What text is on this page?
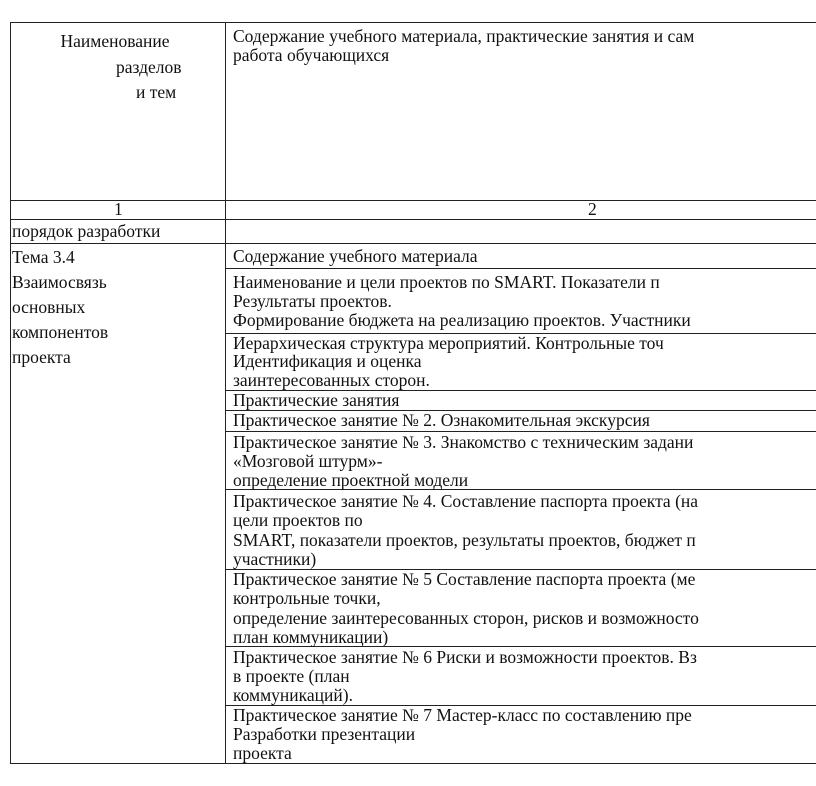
Наименование
разделов
и тем
Содержание учебного материала, практические занятия и сам
работа обучающихся
1	2
порядок разработки
Тема 3.4
Взаимосвязь
основных
компонентов
проекта
Содержание учебного материала
Наименование и цели проектов по SMART. Показатели п
Результаты проектов.
Формирование бюджета на реализацию проектов. Участники
Иерархическая структура мероприятий. Контрольные точ
Идентификация и оценка
заинтересованных сторон.
Практические занятия
Практическое занятие № 2. Ознакомительная экскурсия
Практическое занятие № 3. Знакомство с техническим задани
«Мозговой штурм»-
определение проектной модели
Практическое занятие № 4. Составление паспорта проекта (на
цели проектов по
SMART, показатели проектов, результаты проектов, бюджет п
участники)
Практическое занятие № 5 Составление паспорта проекта (ме
контрольные точки,
определение заинтересованных сторон, рисков и возможносто
план коммуникации)
Практическое занятие № 6 Риски и возможности проектов. Вз
в проекте (план
коммуникаций).
Практическое занятие № 7 Мастер-класс по составлению пре
Разработки презентации
проекта
